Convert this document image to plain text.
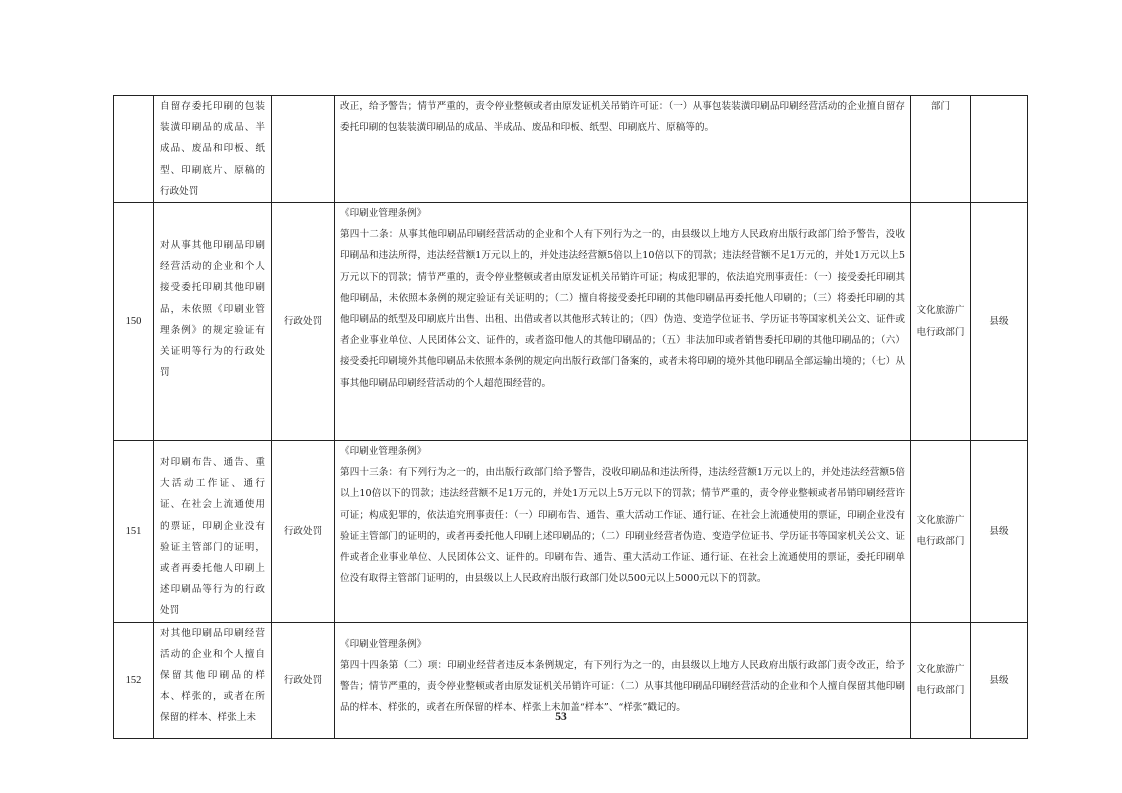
	自留存委托印刷的包装装潢印刷品的成品、半成品、废品和印板、纸型、印刷底片、原稿的行政处罚		改正，给予警告；情节严重的，责令停业整顿或者由原发证机关吊销许可证：（一）从事包装装潢印刷品印刷经营活动的企业擅自留存委托印刷的包装装潢印刷品的成品、半成品、废品和印板、纸型、印刷底片、原稿等的。	部门	
150	对从事其他印刷品印刷经营活动的企业和个人接受委托印刷其他印刷品，未依照《印刷业管理条例》的规定验证有关证明等行为的行政处罚	行政处罚	《印刷业管理条例》
第四十二条：从事其他印刷品印刷经营活动的企业和个人有下列行为之一的，由县级以上地方人民政府出版行政部门给予警告，没收印刷品和违法所得，违法经营额1万元以上的，并处违法经营额5倍以上10倍以下的罚款；违法经营额不足1万元的，并处1万元以上5万元以下的罚款；情节严重的，责令停业整顿或者由原发证机关吊销许可证；构成犯罪的，依法追究刑事责任：（一）接受委托印刷其他印刷品，未依照本条例的规定验证有关证明的；（二）擅自将接受委托印刷的其他印刷品再委托他人印刷的；（三）将委托印刷的其他印刷品的纸型及印刷底片出售、出租、出借或者以其他形式转让的；（四）伪造、变造学位证书、学历证书等国家机关公文、证件或者企业事业单位、人民团体公文、证件的，或者盗印他人的其他印刷品的；（五）非法加印或者销售委托印刷的其他印刷品的；（六）接受委托印刷境外其他印刷品未依照本条例的规定向出版行政部门备案的，或者未将印刷的境外其他印刷品全部运输出境的；（七）从事其他印刷品印刷经营活动的个人超范围经营的。	文化旅游广电行政部门	县级
151	对印刷布告、通告、重大活动工作证、通行证、在社会上流通使用的票证，印刷企业没有验证主管部门的证明，或者再委托他人印刷上述印刷品等行为的行政处罚	行政处罚	《印刷业管理条例》
第四十三条：有下列行为之一的，由出版行政部门给予警告，没收印刷品和违法所得，违法经营额1万元以上的，并处违法经营额5倍以上10倍以下的罚款；违法经营额不足1万元的，并处1万元以上5万元以下的罚款；情节严重的，责令停业整顿或者吊销印刷经营许可证；构成犯罪的，依法追究刑事责任：（一）印刷布告、通告、重大活动工作证、通行证、在社会上流通使用的票证，印刷企业没有验证主管部门的证明的，或者再委托他人印刷上述印刷品的；（二）印刷业经营者伪造、变造学位证书、学历证书等国家机关公文、证件或者企业事业单位、人民团体公文、证件的。印刷布告、通告、重大活动工作证、通行证、在社会上流通使用的票证，委托印刷单位没有取得主管部门证明的，由县级以上人民政府出版行政部门处以500元以上5000元以下的罚款。	文化旅游广电行政部门	县级
152	对其他印刷品印刷经营活动的企业和个人擅自保留其他印刷品的样本、样张的，或者在所保留的样本、样张上未	行政处罚	《印刷业管理条例》
第四十四条第（二）项：印刷业经营者违反本条例规定，有下列行为之一的，由县级以上地方人民政府出版行政部门责令改正，给予警告；情节严重的，责令停业整顿或者由原发证机关吊销许可证：（二）从事其他印刷品印刷经营活动的企业和个人擅自保留其他印刷品的样本、样张的，或者在所保留的样本、样张上未加盖“样本”、“样张”戳记的。	文化旅游广电行政部门	县级
53
